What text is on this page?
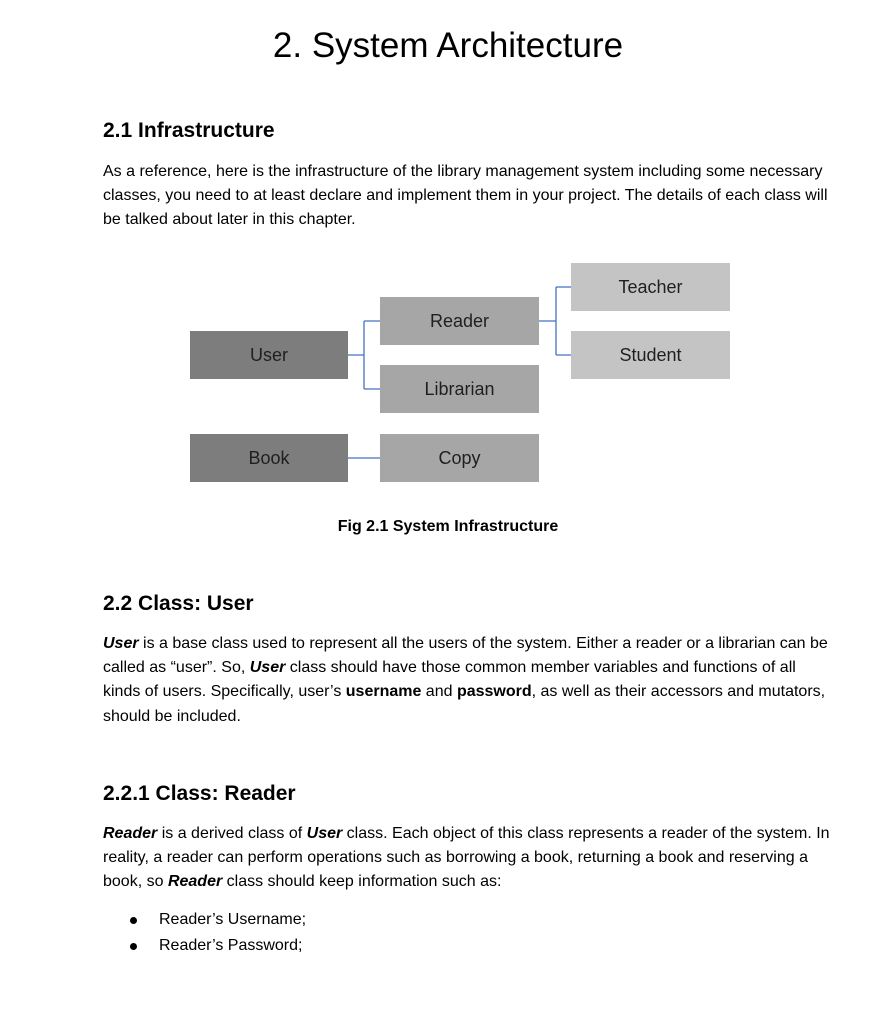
2. System Architecture
2.1 Infrastructure

As a reference, here is the infrastructure of the library management system including some necessary classes, you need to at least declare and implement them in your project. The details of each class will be talked about later in this chapter.

User
Book
Reader
Librarian
Copy
Teacher
Student
Fig 2.1 System Infrastructure
2.2 Class: User

User is a base class used to represent all the users of the system. Either a reader or a librarian can be called as “user”. So, User class should have those common member variables and functions of all kinds of users. Specifically, user’s username and password, as well as their accessors and mutators, should be included.

2.2.1 Class: Reader

Reader is a derived class of User class. Each object of this class represents a reader of the system. In reality, a reader can perform operations such as borrowing a book, returning a book and reserving a book, so Reader class should keep information such as:

Reader’s Username;
Reader’s Password;
